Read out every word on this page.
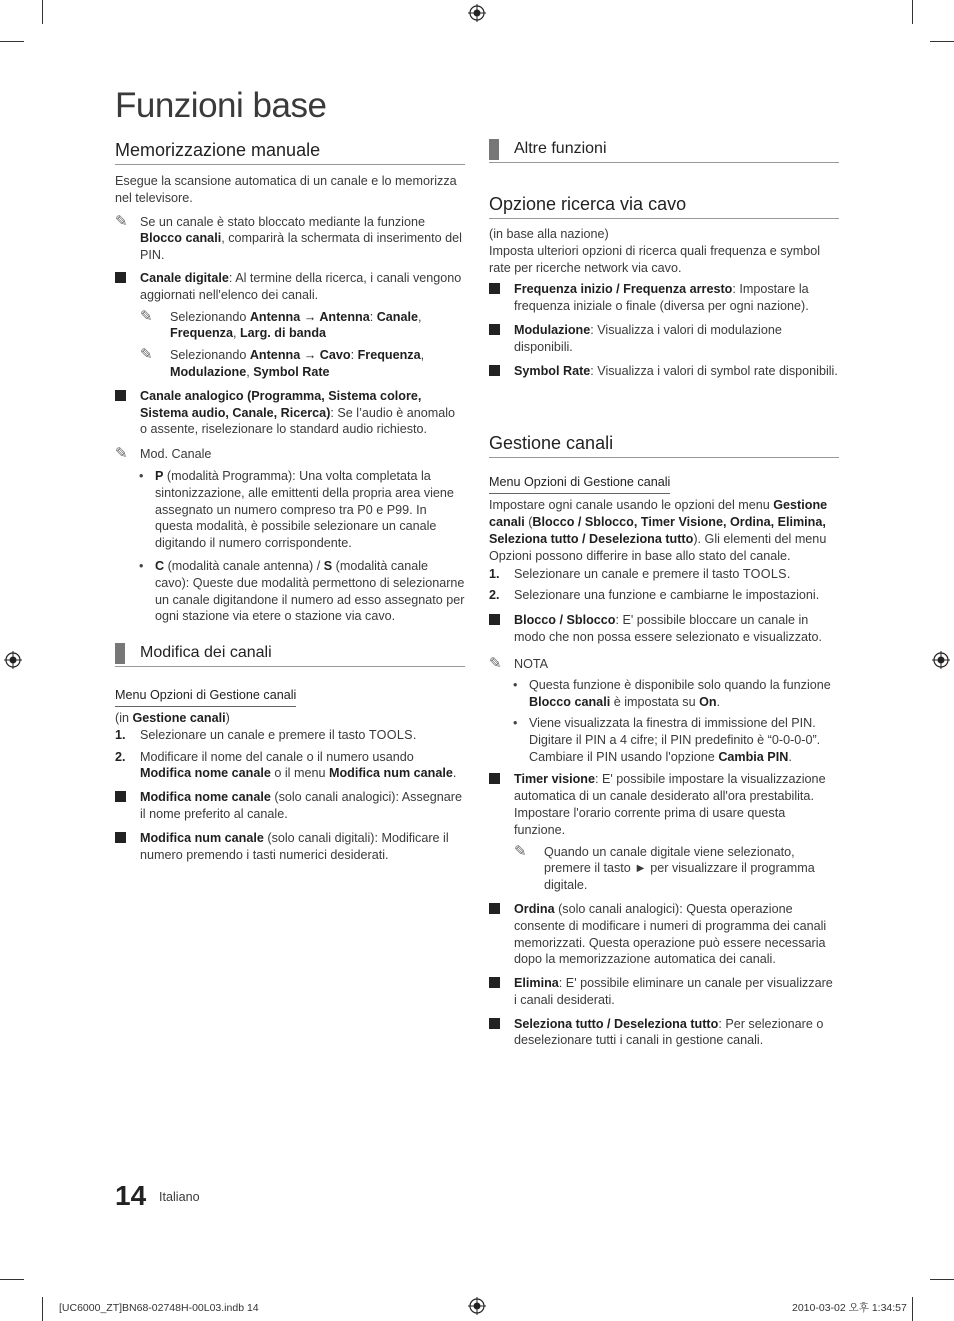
Funzioni base
Memorizzazione manuale

Esegue la scansione automatica di un canale e lo memorizza nel televisore.

✎ Se un canale è stato bloccato mediante la funzione Blocco canali, comparirà la schermata di inserimento del PIN.
Canale digitale: Al termine della ricerca, i canali vengono aggiornati nell'elenco dei canali.
✎ Selezionando Antenna → Antenna: Canale, Frequenza, Larg. di banda
✎ Selezionando Antenna → Cavo: Frequenza, Modulazione, Symbol Rate
Canale analogico (Programma, Sistema colore, Sistema audio, Canale, Ricerca): Se l’audio è anomalo o assente, riselezionare lo standard audio richiesto.
✎ Mod. Canale
• P (modalità Programma): Una volta completata la sintonizzazione, alle emittenti della propria area viene assegnato un numero compreso tra P0 e P99. In questa modalità, è possibile selezionare un canale digitando il numero corrispondente.
• C (modalità canale antenna) / S (modalità canale cavo): Queste due modalità permettono di selezionarne un canale digitandone il numero ad esso assegnato per ogni stazione via etere o stazione via cavo.
Modifica dei canali
Menu Opzioni di Gestione canali

(in Gestione canali)

1. Selezionare un canale e premere il tasto TOOLS.
2. Modificare il nome del canale o il numero usando Modifica nome canale o il menu Modifica num canale.
Modifica nome canale (solo canali analogici): Assegnare il nome preferito al canale.
Modifica num canale (solo canali digitali): Modificare il numero premendo i tasti numerici desiderati.
Altre funzioni
Opzione ricerca via cavo

(in base alla nazione)

Imposta ulteriori opzioni di ricerca quali frequenza e symbol rate per ricerche network via cavo.

Frequenza inizio / Frequenza arresto: Impostare la frequenza iniziale o finale (diversa per ogni nazione).
Modulazione: Visualizza i valori di modulazione disponibili.
Symbol Rate: Visualizza i valori di symbol rate disponibili.
Gestione canali
Menu Opzioni di Gestione canali

Impostare ogni canale usando le opzioni del menu Gestione canali (Blocco / Sblocco, Timer Visione, Ordina, Elimina, Seleziona tutto / Deseleziona tutto). Gli elementi del menu Opzioni possono differire in base allo stato del canale.

1. Selezionare un canale e premere il tasto TOOLS.
2. Selezionare una funzione e cambiarne le impostazioni.
Blocco / Sblocco: E' possibile bloccare un canale in modo che non possa essere selezionato e visualizzato.
✎ NOTA
• Questa funzione è disponibile solo quando la funzione Blocco canali è impostata su On.
• Viene visualizzata la finestra di immissione del PIN. Digitare il PIN a 4 cifre; il PIN predefinito è “0-0-0-0”. Cambiare il PIN usando l'opzione Cambia PIN.
Timer visione: E' possibile impostare la visualizzazione automatica di un canale desiderato all'ora prestabilita. Impostare l'orario corrente prima di usare questa funzione.
✎ Quando un canale digitale viene selezionato, premere il tasto ► per visualizzare il programma digitale.
Ordina (solo canali analogici): Questa operazione consente di modificare i numeri di programma dei canali memorizzati. Questa operazione può essere necessaria dopo la memorizzazione automatica dei canali.
Elimina: E' possibile eliminare un canale per visualizzare i canali desiderati.
Seleziona tutto / Deseleziona tutto: Per selezionare o deselezionare tutti i canali in gestione canali.
14 Italiano
[UC6000_ZT]BN68-02748H-00L03.indb 14	2010-03-02 오후 1:34:57
